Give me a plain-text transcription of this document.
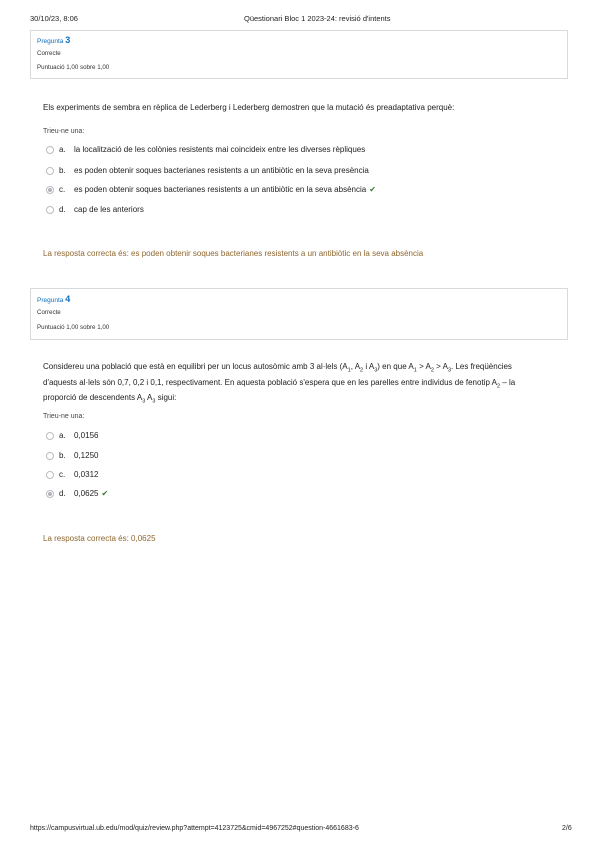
30/10/23, 8:06	Qüestionari Bloc 1 2023-24: revisió d'intents
Pregunta 3
Correcte
Puntuació 1,00 sobre 1,00
Els experiments de sembra en rèplica de Lederberg i Lederberg demostren que la mutació és preadaptativa perquè:
Trieu-ne una:
a. la localització de les colònies resistents mai coincideix entre les diverses rèpliques
b. es poden obtenir soques bacterianes resistents a un antibiòtic en la seva presència
c. es poden obtenir soques bacterianes resistents a un antibiòtic en la seva absència ✔
d. cap de les anteriors
La resposta correcta és: es poden obtenir soques bacterianes resistents a un antibiòtic en la seva absència
Pregunta 4
Correcte
Puntuació 1,00 sobre 1,00
Considereu una població que està en equilibri per un locus autosòmic amb 3 al·lels ($A_1$, $A_2$ i $A_3$) en que $A_1 > A_2 > A_3$. Les freqüències
d'aquests al·lels són 0,7, 0,2 i 0,1, respectivament. En aquesta població s'espera que en les parelles entre individus de fenotip $A_2$ – la
proporció de descendents $A_3$ $A_3$ sigui:
Trieu-ne una:
a. 0,0156
b. 0,1250
c. 0,0312
d. 0,0625 ✔
La resposta correcta és: 0,0625
https://campusvirtual.ub.edu/mod/quiz/review.php?attempt=4123725&cmid=4967252#question-4661683-6	2/6
